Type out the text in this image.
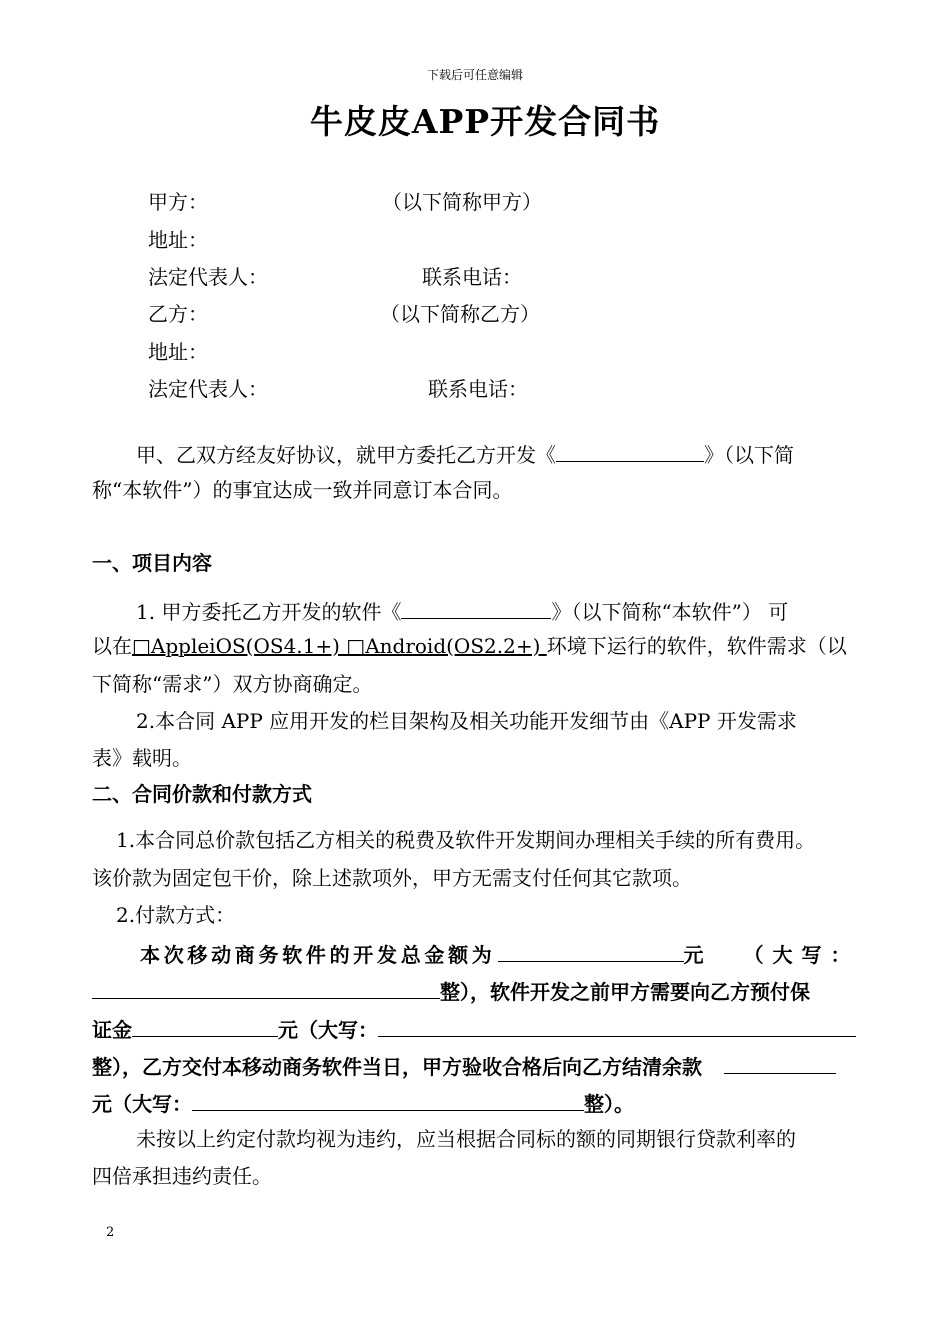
下载后可任意编辑
牛皮皮APP开发合同书
甲方：	（以下简称甲方）
地址：
法定代表人：	联系电话：
乙方：	（以下简称乙方）
地址：
法定代表人：	联系电话：
甲、乙双方经友好协议，就甲方委托乙方开发《	》（以下简
称“本软件”）的事宜达成一致并同意订本合同。
一、项目内容
1. 甲方委托乙方开发的软件《	》（以下简称“本软件”） 可
以在□AppleiOS(OS4.1+) □Android(OS2.2+) 环境下运行的软件，软件需求（以
下简称“需求”）双方协商确定。
2.本合同 APP 应用开发的栏目架构及相关功能开发细节由《APP 开发需求
表》载明。
二、合同价款和付款方式
1.本合同总价款包括乙方相关的税费及软件开发期间办理相关手续的所有费用。
该价款为固定包干价，除上述款项外，甲方无需支付任何其它款项。
2.付款方式：
本次移动商务软件的开发总金额为	元 （大写：
整），软件开发之前甲方需要向乙方预付保
证金	元（大写：
整），乙方交付本移动商务软件当日，甲方验收合格后向乙方结清余款
元（大写：	整）。
未按以上约定付款均视为违约，应当根据合同标的额的同期银行贷款利率的
四倍承担违约责任。
2
